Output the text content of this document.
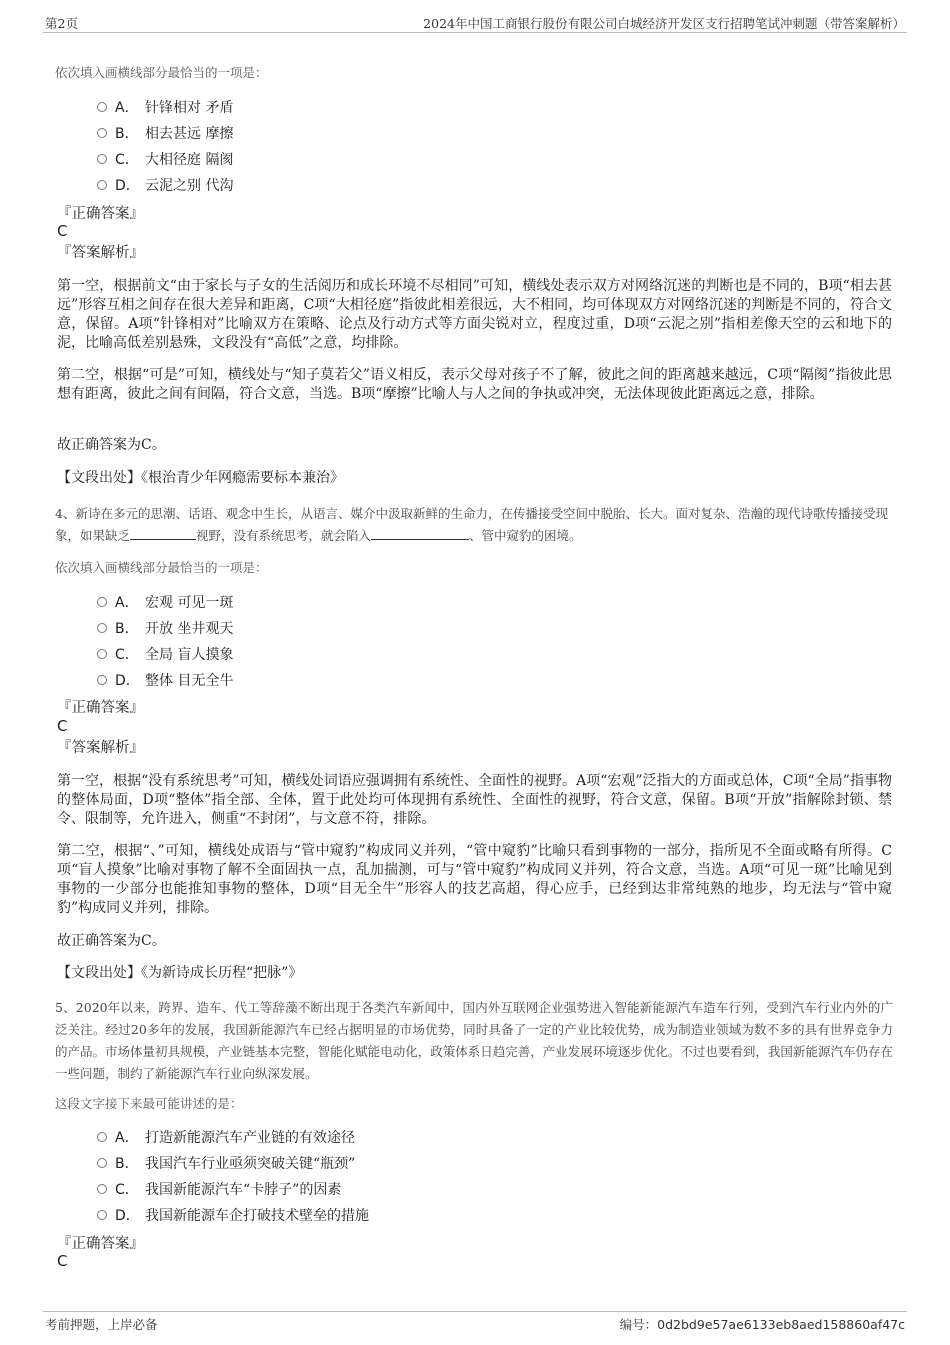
第2页	2024年中国工商银行股份有限公司白城经济开发区支行招聘笔试冲刺题（带答案解析）
依次填入画横线部分最恰当的一项是：
A． 针锋相对 矛盾
B． 相去甚远 摩擦
C． 大相径庭 隔阂
D． 云泥之别 代沟
『正确答案』
C
『答案解析』
第一空，根据前文“由于家长与子女的生活阅历和成长环境不尽相同”可知，横线处表示双方对网络沉迷的判断也是不同的，B项“相去甚远”形容互相之间存在很大差异和距离，C项“大相径庭”指彼此相差很远，大不相同，均可体现双方对网络沉迷的判断是不同的，符合文意，保留。A项“针锋相对”比喻双方在策略、论点及行动方式等方面尖锐对立，程度过重，D项“云泥之别”指相差像天空的云和地下的泥，比喻高低差别悬殊，文段没有“高低”之意，均排除。
第二空，根据“可是”可知，横线处与“知子莫若父”语义相反，表示父母对孩子不了解，彼此之间的距离越来越远，C项“隔阂”指彼此思想有距离，彼此之间有间隔，符合文意，当选。B项“摩擦”比喻人与人之间的争执或冲突，无法体现彼此距离远之意，排除。
故正确答案为C。
【文段出处】《根治青少年网瘾需要标本兼治》
4、新诗在多元的思潮、话语、观念中生长，从语言、媒介中汲取新鲜的生命力，在传播接受空间中脱胎、长大。面对复杂、浩瀚的现代诗歌传播接受现象，如果缺乏	视野，没有系统思考，就会陷入	、管中窥豹的困境。
依次填入画横线部分最恰当的一项是：
A． 宏观 可见一斑
B． 开放 坐井观天
C． 全局 盲人摸象
D． 整体 目无全牛
『正确答案』
C
『答案解析』
第一空，根据“没有系统思考”可知，横线处词语应强调拥有系统性、全面性的视野。A项“宏观”泛指大的方面或总体，C项“全局”指事物的整体局面，D项“整体”指全部、全体，置于此处均可体现拥有系统性、全面性的视野，符合文意，保留。B项“开放”指解除封锁、禁令、限制等，允许进入，侧重“不封闭”，与文意不符，排除。
第二空，根据“、”可知，横线处成语与“管中窥豹”构成同义并列，“管中窥豹”比喻只看到事物的一部分，指所见不全面或略有所得。C项“盲人摸象”比喻对事物了解不全面固执一点，乱加揣测，可与“管中窥豹”构成同义并列，符合文意，当选。A项“可见一斑”比喻见到事物的一少部分也能推知事物的整体，D项“目无全牛”形容人的技艺高超，得心应手，已经到达非常纯熟的地步，均无法与“管中窥豹”构成同义并列，排除。
故正确答案为C。
【文段出处】《为新诗成长历程“把脉”》
5、2020年以来，跨界、造车、代工等辞藻不断出现于各类汽车新闻中，国内外互联网企业强势进入智能新能源汽车造车行列，受到汽车行业内外的广泛关注。经过20多年的发展，我国新能源汽车已经占据明显的市场优势，同时具备了一定的产业比较优势，成为制造业领域为数不多的具有世界竞争力的产品。市场体量初具规模，产业链基本完整，智能化赋能电动化，政策体系日趋完善，产业发展环境逐步优化。不过也要看到，我国新能源汽车仍存在一些问题，制约了新能源汽车行业向纵深发展。
这段文字接下来最可能讲述的是：
A． 打造新能源汽车产业链的有效途径
B． 我国汽车行业亟须突破关键“瓶颈”
C． 我国新能源汽车“卡脖子”的因素
D． 我国新能源车企打破技术壁垒的措施
『正确答案』
C
考前押题，上岸必备	编号：0d2bd9e57ae6133eb8aed158860af47c
